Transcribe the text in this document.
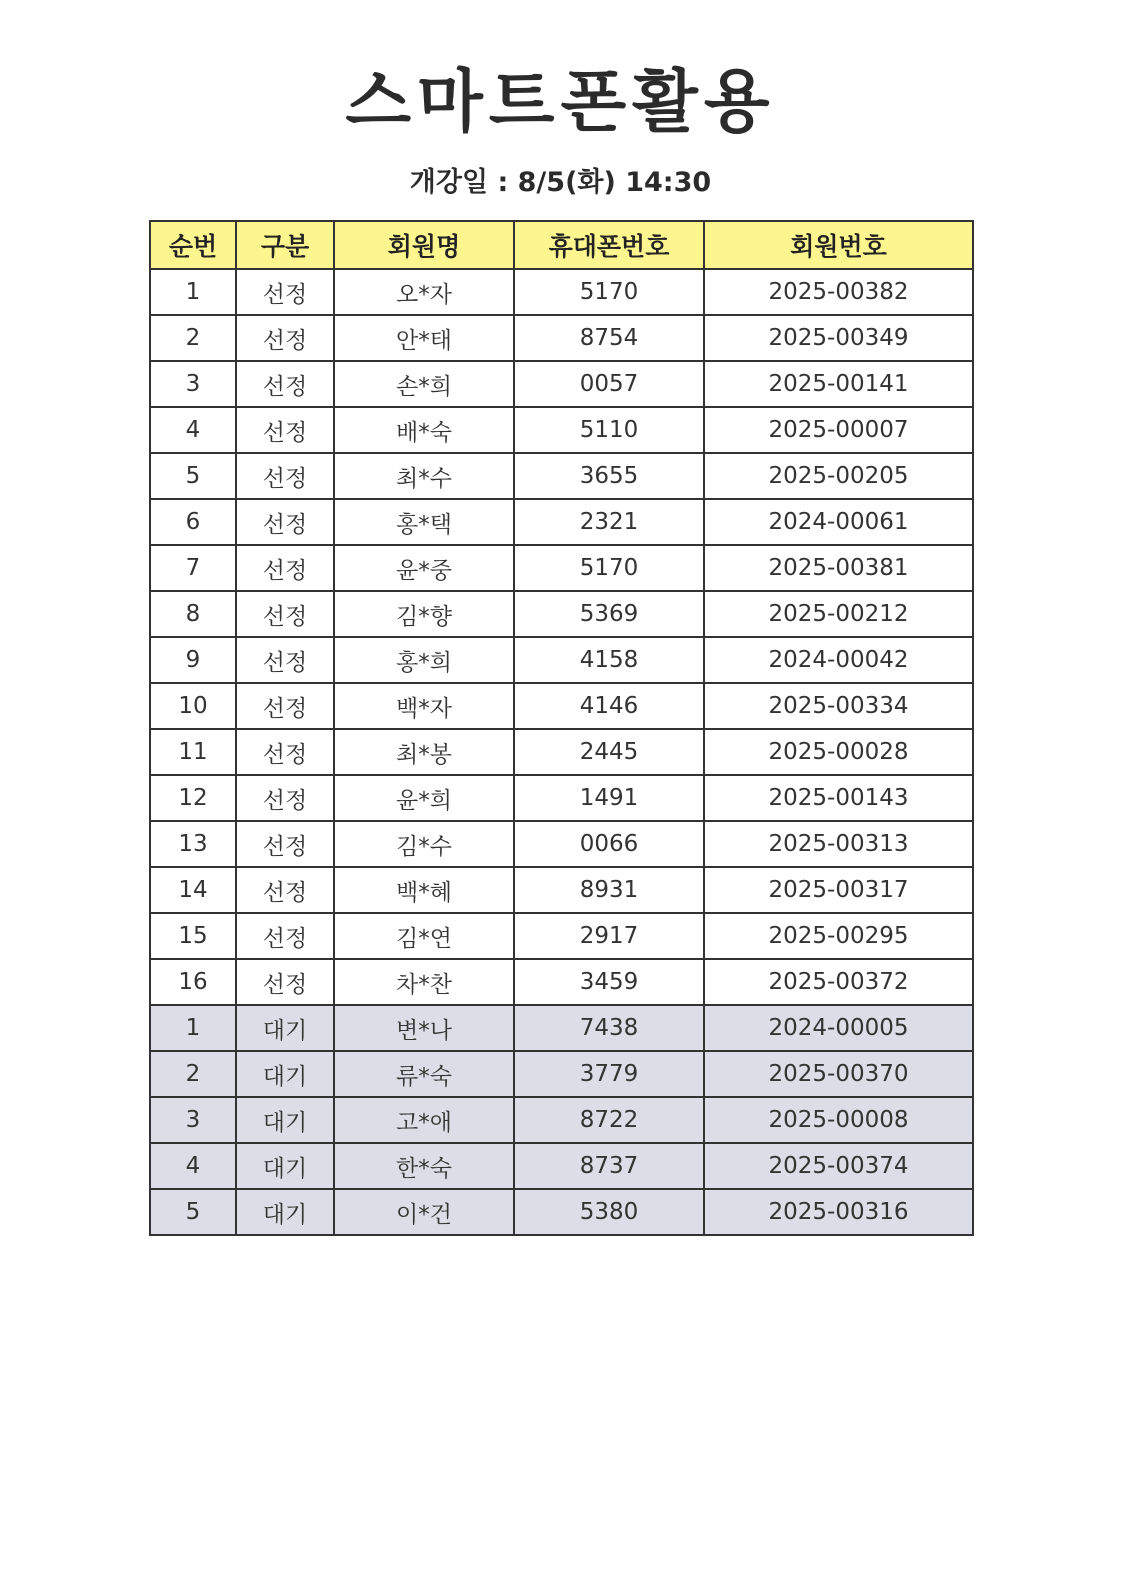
스마트폰활용
개강일 : 8/5(화) 14:30
순번	구분	회원명	휴대폰번호	회원번호
1	선정	오*자	5170	2025-00382
2	선정	안*태	8754	2025-00349
3	선정	손*희	0057	2025-00141
4	선정	배*숙	5110	2025-00007
5	선정	최*수	3655	2025-00205
6	선정	홍*택	2321	2024-00061
7	선정	윤*중	5170	2025-00381
8	선정	김*향	5369	2025-00212
9	선정	홍*희	4158	2024-00042
10	선정	백*자	4146	2025-00334
11	선정	최*봉	2445	2025-00028
12	선정	윤*희	1491	2025-00143
13	선정	김*수	0066	2025-00313
14	선정	백*혜	8931	2025-00317
15	선정	김*연	2917	2025-00295
16	선정	차*찬	3459	2025-00372
1	대기	변*나	7438	2024-00005
2	대기	류*숙	3779	2025-00370
3	대기	고*애	8722	2025-00008
4	대기	한*숙	8737	2025-00374
5	대기	이*건	5380	2025-00316
